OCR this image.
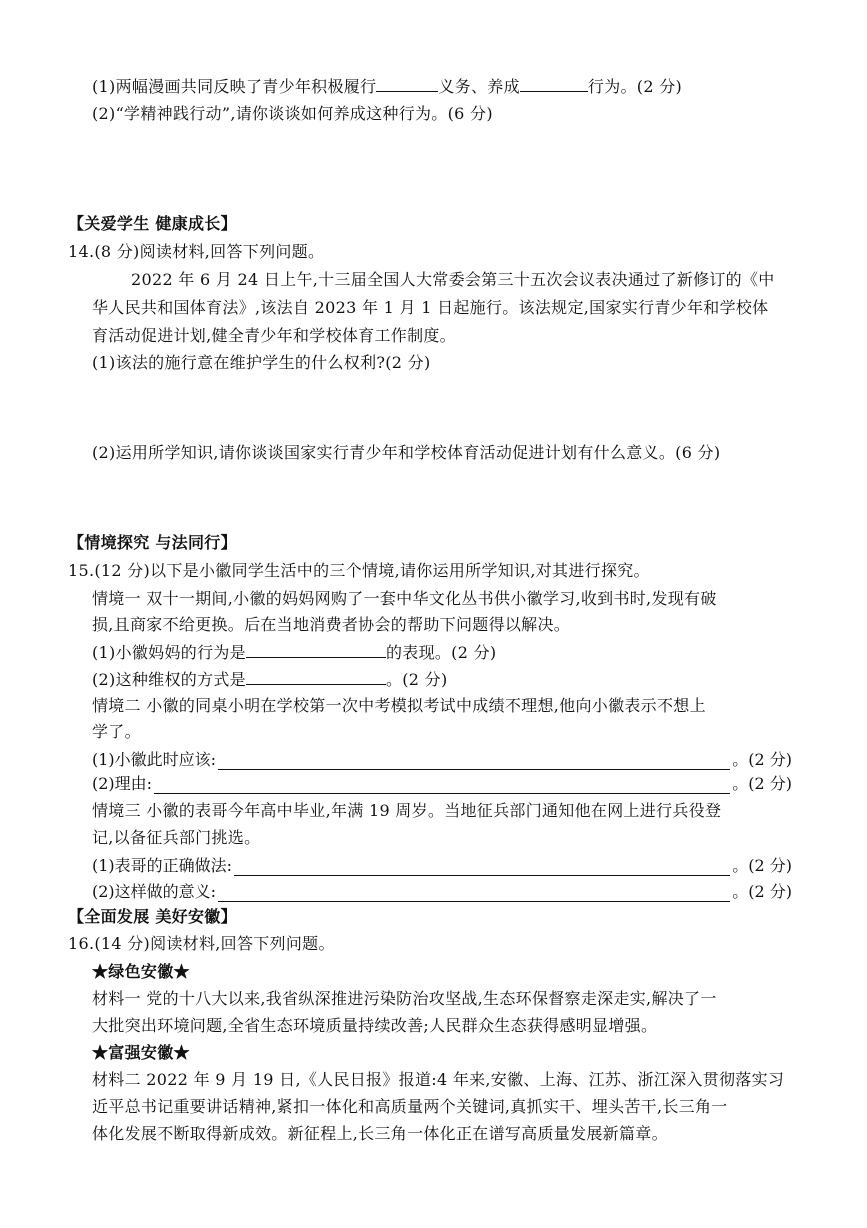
(1)两幅漫画共同反映了青少年积极履行	义务、养成	行为。(2 分)
(2)“学精神践行动”,请你谈谈如何养成这种行为。(6 分)
【关爱学生 健康成长】
14.(8 分)阅读材料,回答下列问题。
2022 年 6 月 24 日上午,十三届全国人大常委会第三十五次会议表决通过了新修订的《中
华人民共和国体育法》,该法自 2023 年 1 月 1 日起施行。该法规定,国家实行青少年和学校体
育活动促进计划,健全青少年和学校体育工作制度。
(1)该法的施行意在维护学生的什么权利?(2 分)
(2)运用所学知识,请你谈谈国家实行青少年和学校体育活动促进计划有什么意义。(6 分)
【情境探究 与法同行】
15.(12 分)以下是小徽同学生活中的三个情境,请你运用所学知识,对其进行探究。
情境一 双十一期间,小徽的妈妈网购了一套中华文化丛书供小徽学习,收到书时,发现有破
损,且商家不给更换。后在当地消费者协会的帮助下问题得以解决。
(1)小徽妈妈的行为是	的表现。(2 分)
(2)这种维权的方式是	。(2 分)
情境二 小徽的同桌小明在学校第一次中考模拟考试中成绩不理想,他向小徽表示不想上
学了。
(1)小徽此时应该:	。(2 分)
(2)理由:	。(2 分)
情境三 小徽的表哥今年高中毕业,年满 19 周岁。当地征兵部门通知他在网上进行兵役登
记,以备征兵部门挑选。
(1)表哥的正确做法:	。(2 分)
(2)这样做的意义:	。(2 分)
【全面发展 美好安徽】
16.(14 分)阅读材料,回答下列问题。
★绿色安徽★
材料一 党的十八大以来,我省纵深推进污染防治攻坚战,生态环保督察走深走实,解决了一
大批突出环境问题,全省生态环境质量持续改善;人民群众生态获得感明显增强。
★富强安徽★
材料二 2022 年 9 月 19 日,《人民日报》报道:4 年来,安徽、上海、江苏、浙江深入贯彻落实习
近平总书记重要讲话精神,紧扣一体化和高质量两个关键词,真抓实干、埋头苦干,长三角一
体化发展不断取得新成效。新征程上,长三角一体化正在谱写高质量发展新篇章。
